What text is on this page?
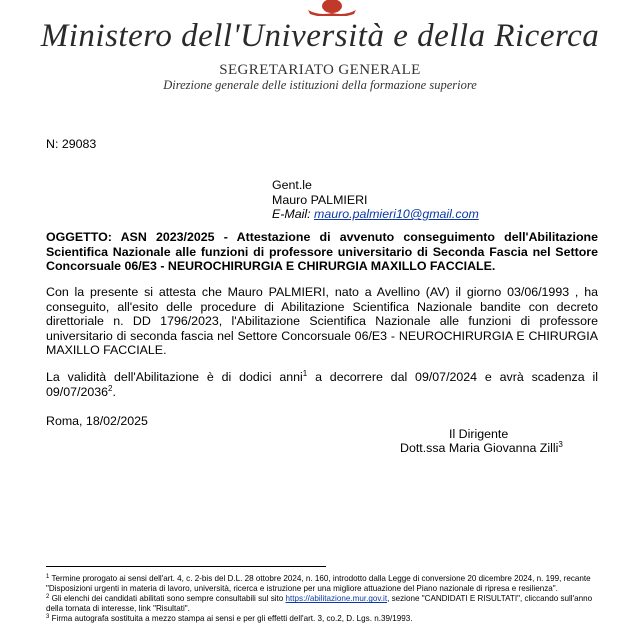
Ministero dell'Università e della Ricerca
SEGRETARIATO GENERALE
Direzione generale delle istituzioni della formazione superiore
N: 29083
Gent.le
Mauro PALMIERI
E-Mail: mauro.palmieri10@gmail.com
OGGETTO: ASN 2023/2025 - Attestazione di avvenuto conseguimento dell'Abilitazione Scientifica Nazionale alle funzioni di professore universitario di Seconda Fascia nel Settore Concorsuale 06/E3 - NEUROCHIRURGIA E CHIRURGIA MAXILLO FACCIALE.
Con la presente si attesta che Mauro PALMIERI, nato a Avellino (AV) il giorno 03/06/1993 , ha conseguito, all'esito delle procedure di Abilitazione Scientifica Nazionale bandite con decreto direttoriale n. DD 1796/2023, l'Abilitazione Scientifica Nazionale alle funzioni di professore universitario di seconda fascia nel Settore Concorsuale 06/E3 - NEUROCHIRURGIA E CHIRURGIA MAXILLO FACCIALE.
La validità dell'Abilitazione è di dodici anni$^1$ a decorrere dal 09/07/2024 e avrà scadenza il 09/07/2036$^2$.
Roma, 18/02/2025
Il Dirigente
Dott.ssa Maria Giovanna Zilli$^3$
$^1$ Termine prorogato ai sensi dell'art. 4, c. 2-bis del D.L. 28 ottobre 2024, n. 160, introdotto dalla Legge di conversione 20 dicembre 2024, n. 199, recante "Disposizioni urgenti in materia di lavoro, università, ricerca e istruzione per una migliore attuazione del Piano nazionale di ripresa e resilienza".
$^2$ Gli elenchi dei candidati abilitati sono sempre consultabili sul sito https://abilitazione.mur.gov.it, sezione "CANDIDATI E RISULTATI", cliccando sull'anno della tornata di interesse, link "Risultati".
$^3$ Firma autografa sostituita a mezzo stampa ai sensi e per gli effetti dell'art. 3, co.2, D. Lgs. n.39/1993.
